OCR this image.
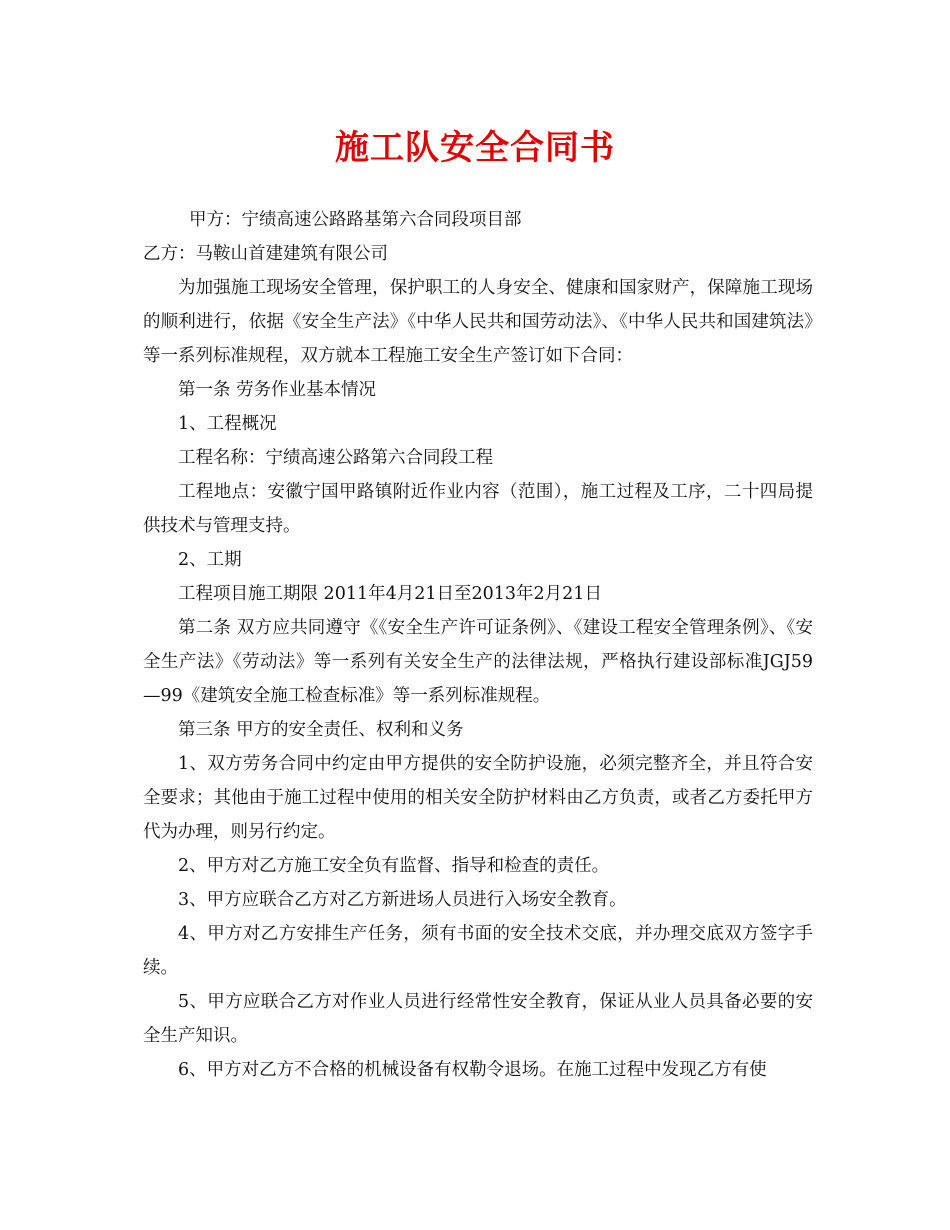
施工队安全合同书

甲方：宁绩高速公路路基第六合同段项目部

乙方：马鞍山首建建筑有限公司

为加强施工现场安全管理，保护职工的人身安全、健康和国家财产，保障施工现场的顺利进行，依据《安全生产法》《中华人民共和国劳动法》、《中华人民共和国建筑法》等一系列标准规程，双方就本工程施工安全生产签订如下合同：

第一条 劳务作业基本情况

1、工程概况

工程名称：宁绩高速公路第六合同段工程

工程地点：安徽宁国甲路镇附近作业内容（范围），施工过程及工序，二十四局提供技术与管理支持。

2、工期

工程项目施工期限 2011年4月21日至2013年2月21日

第二条 双方应共同遵守《《安全生产许可证条例》、《建设工程安全管理条例》、《安全生产法》《劳动法》等一系列有关安全生产的法律法规，严格执行建设部标准JGJ59—99《建筑安全施工检查标准》等一系列标准规程。

第三条 甲方的安全责任、权利和义务

1、双方劳务合同中约定由甲方提供的安全防护设施，必须完整齐全，并且符合安全要求；其他由于施工过程中使用的相关安全防护材料由乙方负责，或者乙方委托甲方代为办理，则另行约定。

2、甲方对乙方施工安全负有监督、指导和检查的责任。

3、甲方应联合乙方对乙方新进场人员进行入场安全教育。

4、甲方对乙方安排生产任务，须有书面的安全技术交底，并办理交底双方签字手续。

5、甲方应联合乙方对作业人员进行经常性安全教育，保证从业人员具备必要的安全生产知识。

6、甲方对乙方不合格的机械设备有权勒令退场。在施工过程中发现乙方有使
